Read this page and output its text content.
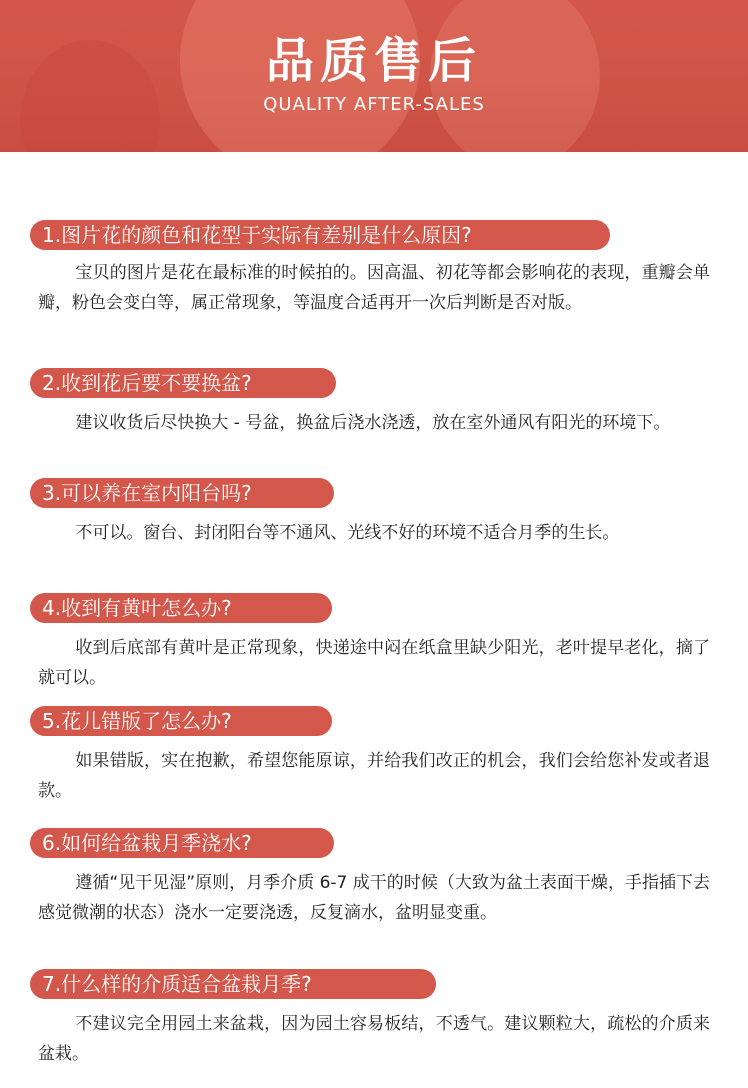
品质售后
QUALITY AFTER-SALES
1.图片花的颜色和花型于实际有差别是什么原因?
宝贝的图片是花在最标准的时候拍的。因高温、初花等都会影响花的表现，重瓣会单瓣，粉色会变白等，属正常现象，等温度合适再开一次后判断是否对版。
2.收到花后要不要换盆?
建议收货后尽快换大 - 号盆，换盆后浇水浇透，放在室外通风有阳光的环境下。
3.可以养在室内阳台吗?
不可以。窗台、封闭阳台等不通风、光线不好的环境不适合月季的生长。
4.收到有黄叶怎么办?
收到后底部有黄叶是正常现象，快递途中闷在纸盒里缺少阳光，老叶提早老化，摘了就可以。
5.花儿错版了怎么办?
如果错版，实在抱歉，希望您能原谅，并给我们改正的机会，我们会给您补发或者退款。
6.如何给盆栽月季浇水?
遵循“见干见湿”原则，月季介质 6-7 成干的时候（大致为盆土表面干燥，手指插下去感觉微潮的状态）浇水一定要浇透，反复滴水，盆明显变重。
7.什么样的介质适合盆栽月季?
不建议完全用园土来盆栽，因为园土容易板结，不透气。建议颗粒大，疏松的介质来盆栽。
